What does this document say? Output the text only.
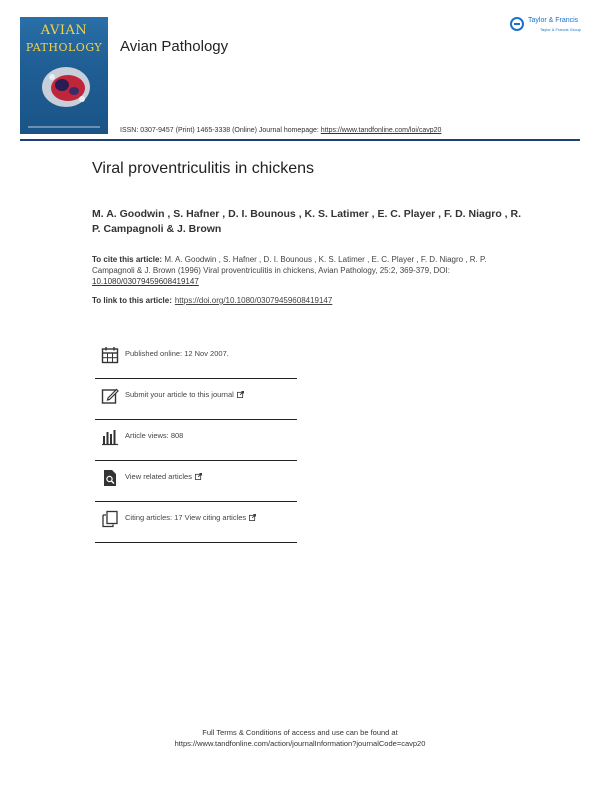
AVIAN
PATHOLOGY	Avian Pathology
Taylor & Francis
Taylor & Francis Group
ISSN: 0307-9457 (Print) 1465-3338 (Online) Journal homepage: https://www.tandfonline.com/loi/cavp20
Viral proventriculitis in chickens
M. A. Goodwin , S. Hafner , D. I. Bounous , K. S. Latimer , E. C. Player , F. D. Niagro , R. P. Campagnoli & J. Brown
To cite this article: M. A. Goodwin , S. Hafner , D. I. Bounous , K. S. Latimer , E. C. Player , F. D. Niagro , R. P. Campagnoli & J. Brown (1996) Viral proventriculitis in chickens, Avian Pathology, 25:2, 369-379, DOI: 10.1080/03079459608419147
To link to this article: https://doi.org/10.1080/03079459608419147
Published online: 12 Nov 2007.
Submit your article to this journal
Article views: 808
View related articles
Citing articles: 17 View citing articles
Full Terms & Conditions of access and use can be found at
https://www.tandfonline.com/action/journalInformation?journalCode=cavp20
